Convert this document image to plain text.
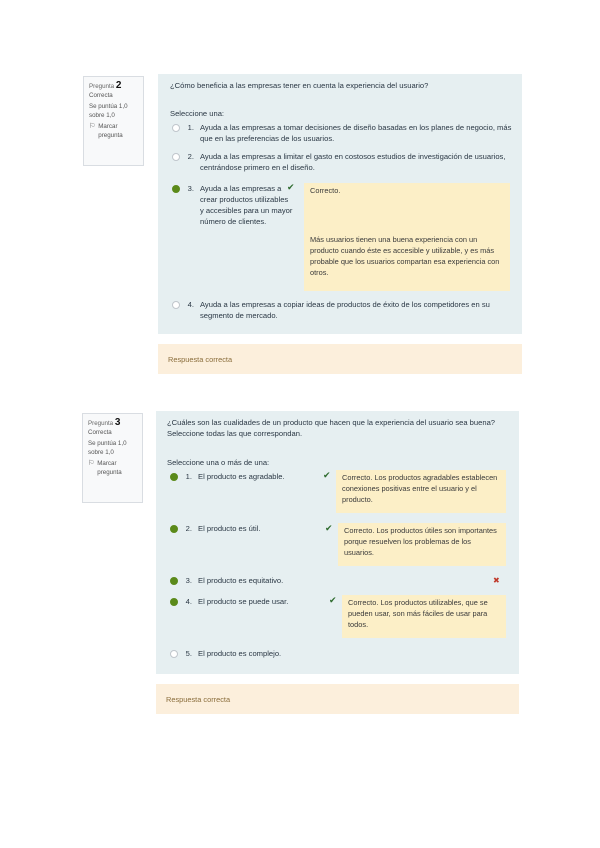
Pregunta 2
Correcta
Se puntúa 1,0 sobre 1,0
⚐ Marcar pregunta
¿Cómo beneficia a las empresas tener en cuenta la experiencia del usuario?
Seleccione una:
1. Ayuda a las empresas a tomar decisiones de diseño basadas en los planes de negocio, más que en las preferencias de los usuarios.
2. Ayuda a las empresas a limitar el gasto en costosos estudios de investigación de usuarios, centrándose primero en el diseño.
3. Ayuda a las empresas a crear productos utilizables y accesibles para un mayor número de clientes.
✔ Correcto.
Más usuarios tienen una buena experiencia con un producto cuando éste es accesible y utilizable, y es más probable que los usuarios compartan esa experiencia con otros.
4. Ayuda a las empresas a copiar ideas de productos de éxito de los competidores en su segmento de mercado.
Respuesta correcta
Pregunta 3
Correcta
Se puntúa 1,0 sobre 1,0
⚐ Marcar pregunta
¿Cuáles son las cualidades de un producto que hacen que la experiencia del usuario sea buena? Seleccione todas las que correspondan.
Seleccione una o más de una:
1. El producto es agradable.	✔	Correcto. Los productos agradables establecen conexiones positivas entre el usuario y el producto.
2. El producto es útil.	✔	Correcto. Los productos útiles son importantes porque resuelven los problemas de los usuarios.
3. El producto es equitativo.	✖
4. El producto se puede usar.	✔	Correcto. Los productos utilizables, que se pueden usar, son más fáciles de usar para todos.
5. El producto es complejo.
Respuesta correcta
